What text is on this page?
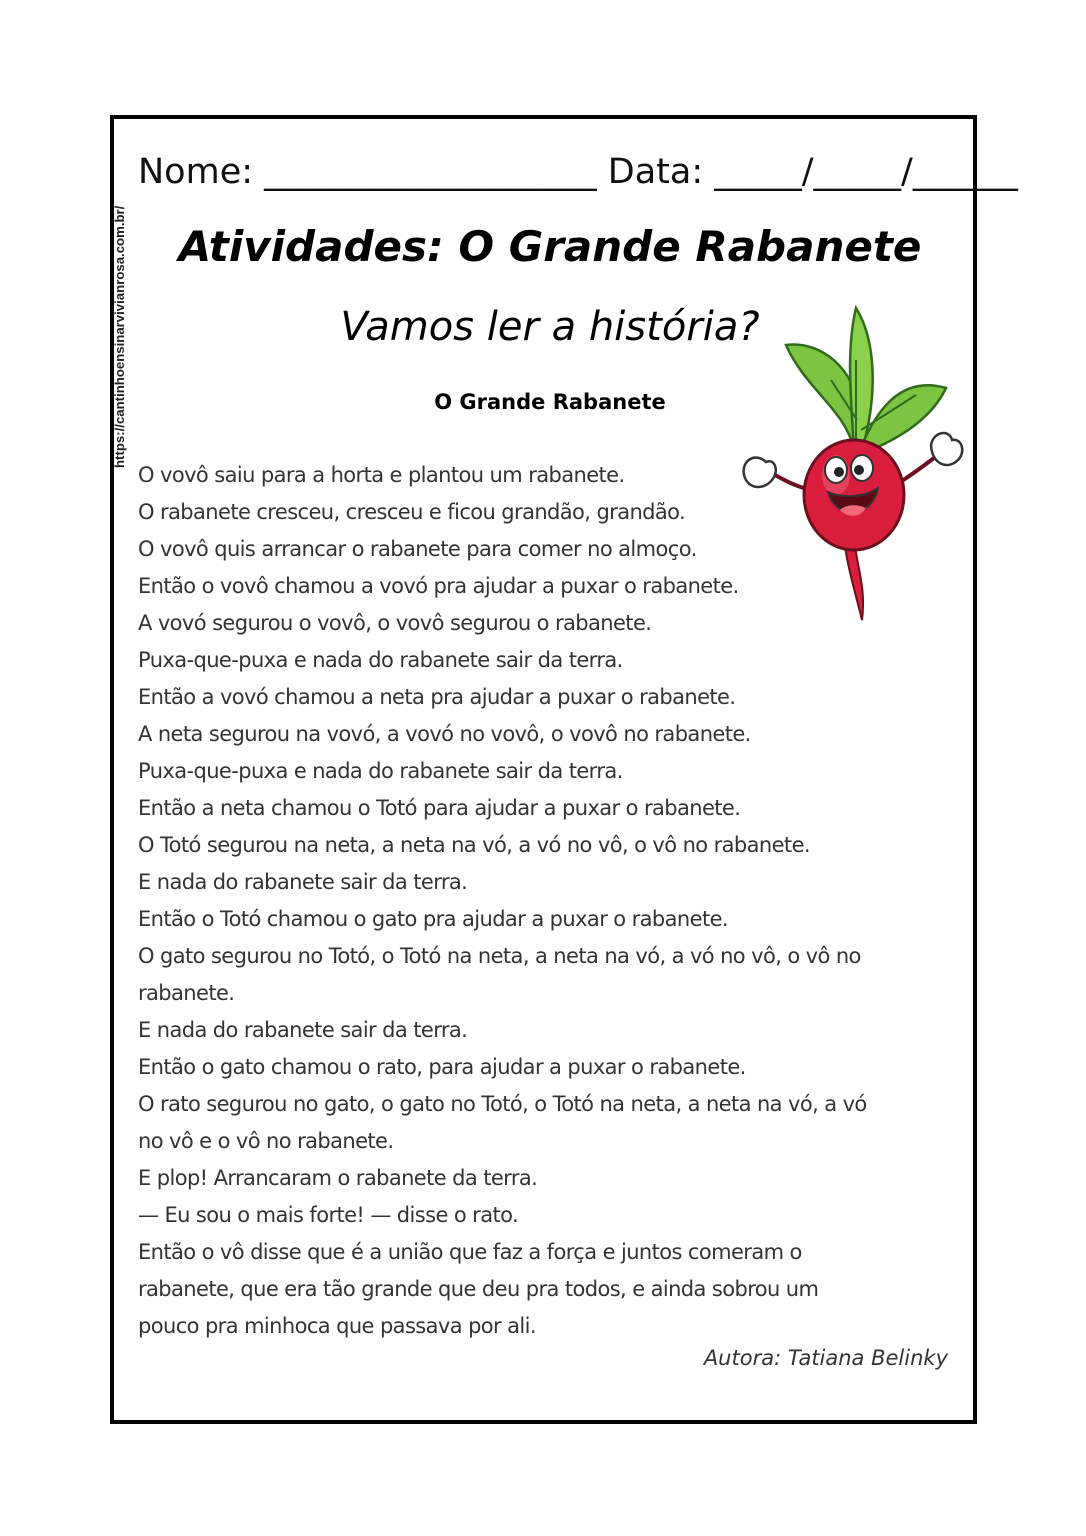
https://cantinhoensinarvivianrosa.com.br/
Nome: ___________________ Data: _____/_____/______
Atividades: O Grande Rabanete
Vamos ler a história?
O Grande Rabanete
O vovô saiu para a horta e plantou um rabanete.
O rabanete cresceu, cresceu e ficou grandão, grandão.
O vovô quis arrancar o rabanete para comer no almoço.
Então o vovô chamou a vovó pra ajudar a puxar o rabanete.
A vovó segurou o vovô, o vovô segurou o rabanete.
Puxa-que-puxa e nada do rabanete sair da terra.
Então a vovó chamou a neta pra ajudar a puxar o rabanete.
A neta segurou na vovó, a vovó no vovô, o vovô no rabanete.
Puxa-que-puxa e nada do rabanete sair da terra.
Então a neta chamou o Totó para ajudar a puxar o rabanete.
O Totó segurou na neta, a neta na vó, a vó no vô, o vô no rabanete.
E nada do rabanete sair da terra.
Então o Totó chamou o gato pra ajudar a puxar o rabanete.
O gato segurou no Totó, o Totó na neta, a neta na vó, a vó no vô, o vô no
rabanete.
E nada do rabanete sair da terra.
Então o gato chamou o rato, para ajudar a puxar o rabanete.
O rato segurou no gato, o gato no Totó, o Totó na neta, a neta na vó, a vó
no vô e o vô no rabanete.
E plop! Arrancaram o rabanete da terra.
— Eu sou o mais forte! — disse o rato.
Então o vô disse que é a união que faz a força e juntos comeram o
rabanete, que era tão grande que deu pra todos, e ainda sobrou um
pouco pra minhoca que passava por ali.
Autora: Tatiana Belinky
